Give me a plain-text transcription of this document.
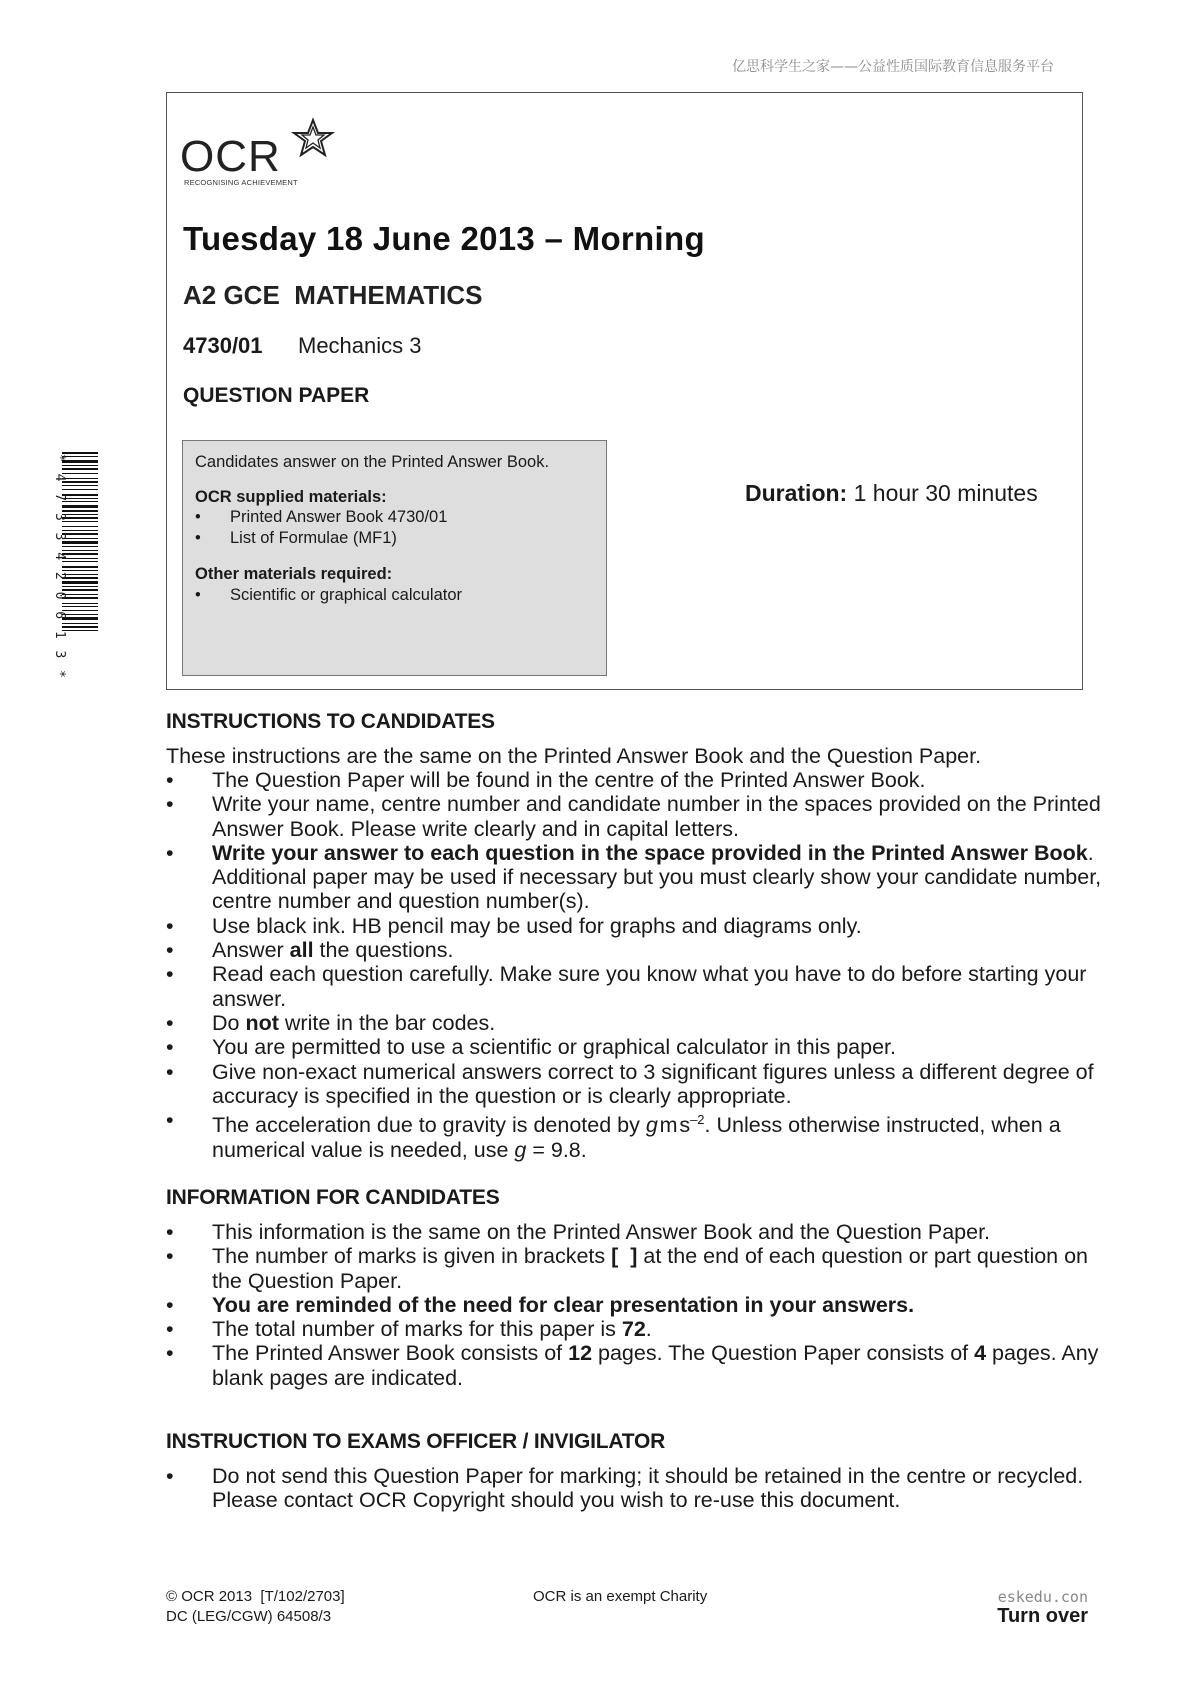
亿思科学生之家——公益性质国际教育信息服务平台
OCR
RECOGNISING ACHIEVEMENT
Tuesday 18 June 2013 – Morning
A2 GCE  MATHEMATICS
4730/01 Mechanics 3
QUESTION PAPER
Candidates answer on the Printed Answer Book.
OCR supplied materials:
• Printed Answer Book 4730/01
• List of Formulae (MF1)
Other materials required:
• Scientific or graphical calculator
Duration: 1 hour 30 minutes
*4733420613*
INSTRUCTIONS TO CANDIDATES
These instructions are the same on the Printed Answer Book and the Question Paper.
• The Question Paper will be found in the centre of the Printed Answer Book.
• Write your name, centre number and candidate number in the spaces provided on the Printed Answer Book. Please write clearly and in capital letters.
• Write your answer to each question in the space provided in the Printed Answer Book. Additional paper may be used if necessary but you must clearly show your candidate number, centre number and question number(s).
• Use black ink. HB pencil may be used for graphs and diagrams only.
• Answer all the questions.
• Read each question carefully. Make sure you know what you have to do before starting your answer.
• Do not write in the bar codes.
• You are permitted to use a scientific or graphical calculator in this paper.
• Give non-exact numerical answers correct to 3 significant figures unless a different degree of accuracy is specified in the question or is clearly appropriate.
• The acceleration due to gravity is denoted by g m $s^{-2}$. Unless otherwise instructed, when a numerical value is needed, use g = 9.8.
INFORMATION FOR CANDIDATES
• This information is the same on the Printed Answer Book and the Question Paper.
• The number of marks is given in brackets [  ] at the end of each question or part question on the Question Paper.
• You are reminded of the need for clear presentation in your answers.
• The total number of marks for this paper is 72.
• The Printed Answer Book consists of 12 pages. The Question Paper consists of 4 pages. Any blank pages are indicated.
INSTRUCTION TO EXAMS OFFICER / INVIGILATOR
• Do not send this Question Paper for marking; it should be retained in the centre or recycled. Please contact OCR Copyright should you wish to re-use this document.
© OCR 2013  [T/102/2703]
DC (LEG/CGW) 64508/3
OCR is an exempt Charity	eskedu.con
Turn over
